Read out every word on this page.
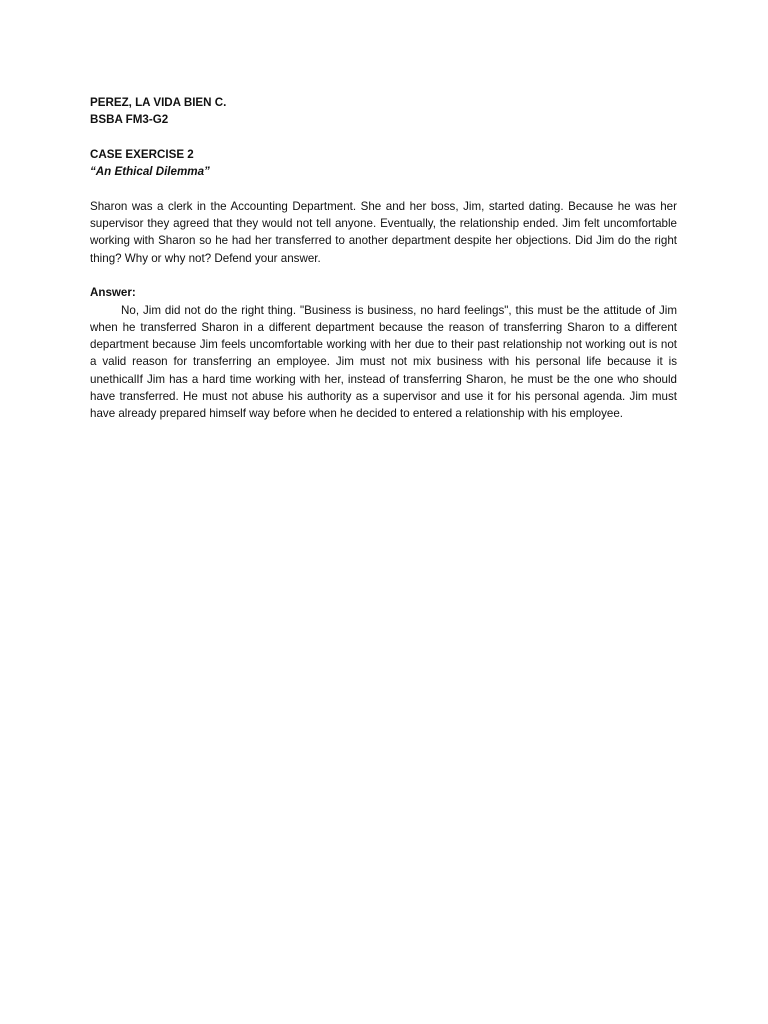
PEREZ, LA VIDA BIEN C.

BSBA FM3-G2

CASE EXERCISE 2

“An Ethical Dilemma”

Sharon was a clerk in the Accounting Department. She and her boss, Jim, started dating. Because he was her supervisor they agreed that they would not tell anyone. Eventually, the relationship ended. Jim felt uncomfortable working with Sharon so he had her transferred to another department despite her objections. Did Jim do the right thing? Why or why not? Defend your answer.

Answer:

No, Jim did not do the right thing. "Business is business, no hard feelings", this must be the attitude of Jim when he transferred Sharon in a different department because the reason of transferring Sharon to a different department because Jim feels uncomfortable working with her due to their past relationship not working out is not a valid reason for transferring an employee. Jim must not mix business with his personal life because it is unethicalIf Jim has a hard time working with her, instead of transferring Sharon, he must be the one who should have transferred. He must not abuse his authority as a supervisor and use it for his personal agenda. Jim must have already prepared himself way before when he decided to entered a relationship with his employee.
